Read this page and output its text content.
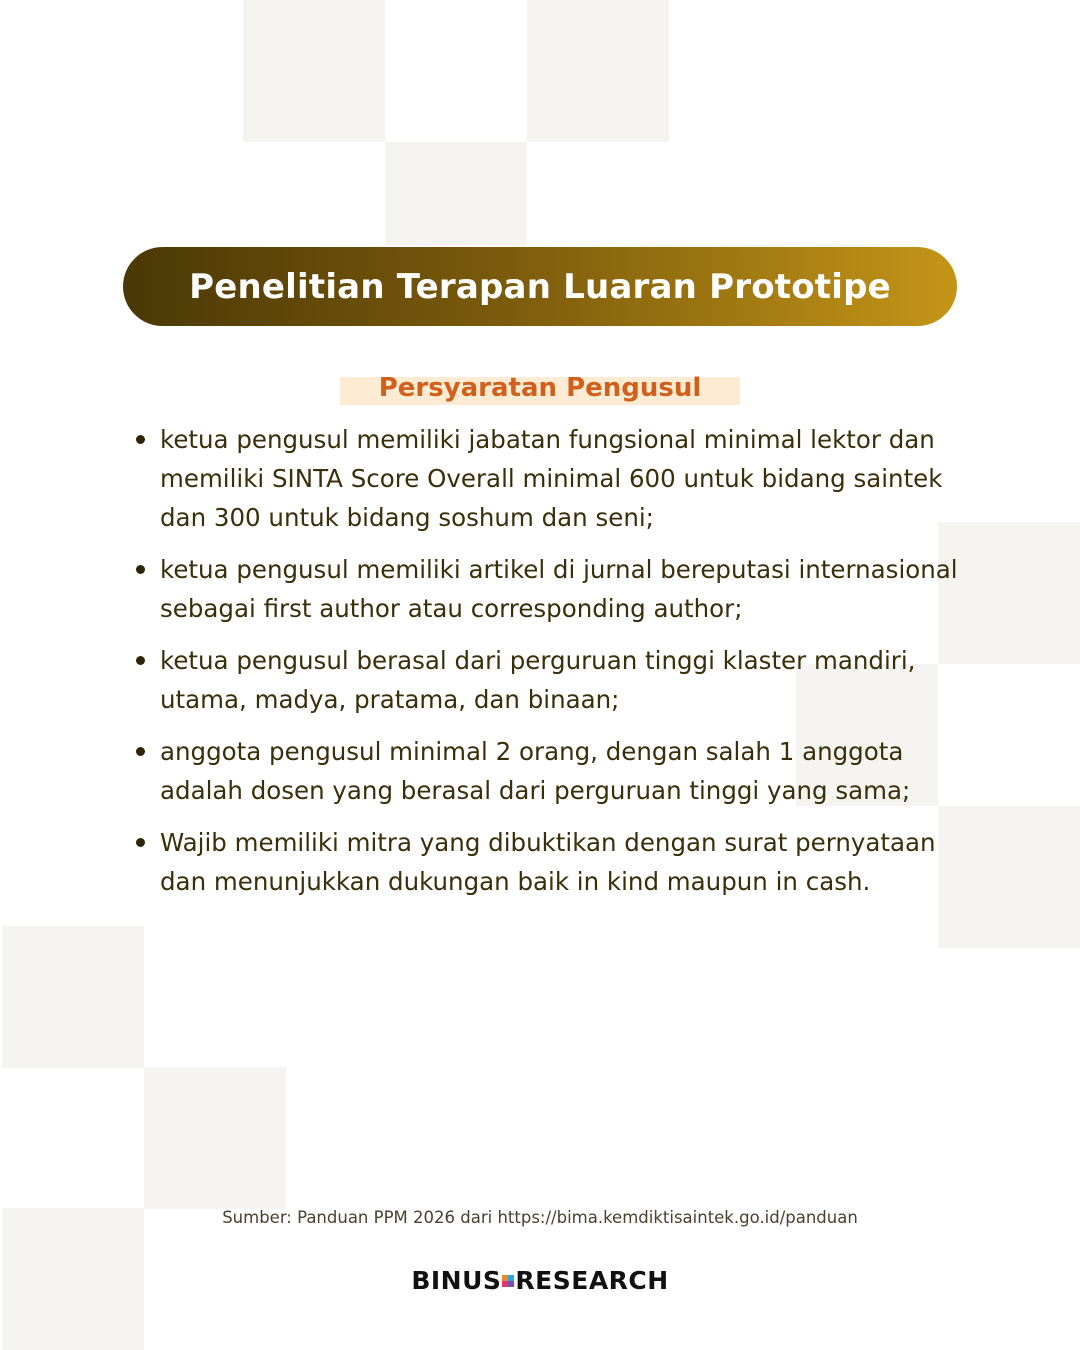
Penelitian Terapan Luaran Prototipe
Persyaratan Pengusul
ketua pengusul memiliki jabatan fungsional minimal lektor dan memiliki SINTA Score Overall minimal 600 untuk bidang saintek dan 300 untuk bidang soshum dan seni;
ketua pengusul memiliki artikel di jurnal bereputasi internasional sebagai first author atau corresponding author;
ketua pengusul berasal dari perguruan tinggi klaster mandiri, utama, madya, pratama, dan binaan;
anggota pengusul minimal 2 orang, dengan salah 1 anggota adalah dosen yang berasal dari perguruan tinggi yang sama;
Wajib memiliki mitra yang dibuktikan dengan surat pernyataan dan menunjukkan dukungan baik in kind maupun in cash.
Sumber: Panduan PPM 2026 dari https://bima.kemdiktisaintek.go.id/panduan
BINUS RESEARCH
